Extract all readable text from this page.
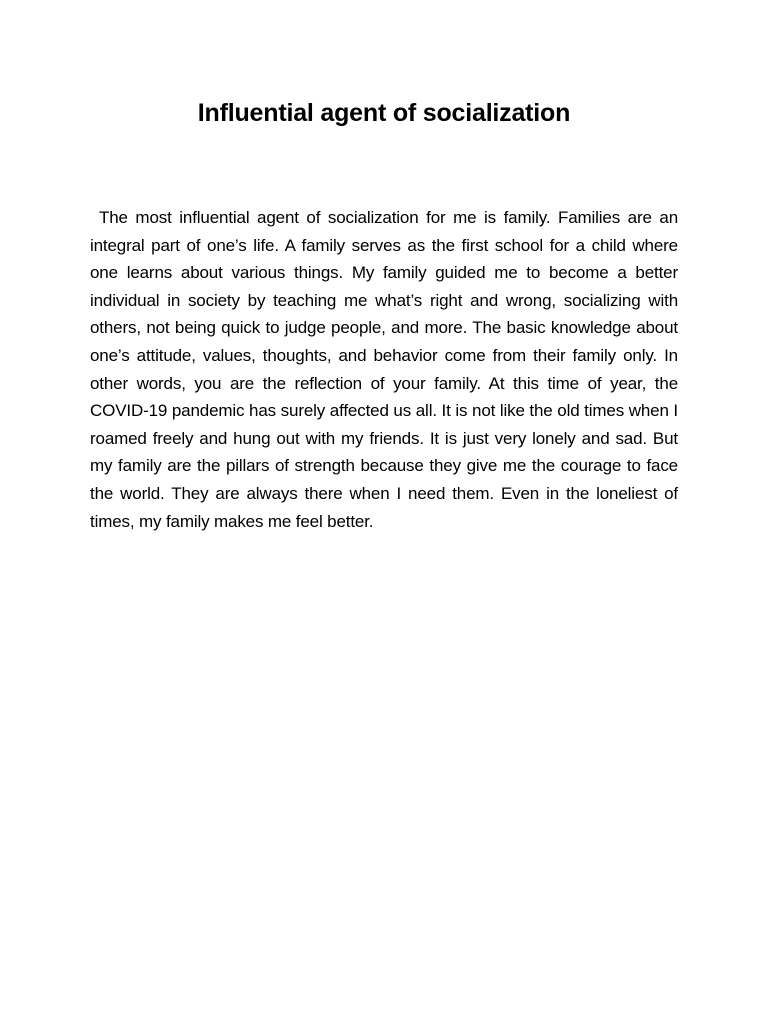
Influential agent of socialization

The most influential agent of socialization for me is family. Families are an integral part of one’s life. A family serves as the first school for a child where one learns about various things. My family guided me to become a better individual in society by teaching me what’s right and wrong, socializing with others, not being quick to judge people, and more. The basic knowledge about one’s attitude, values, thoughts, and behavior come from their family only. In other words, you are the reflection of your family. At this time of year, the COVID-19 pandemic has surely affected us all. It is not like the old times when I roamed freely and hung out with my friends. It is just very lonely and sad. But my family are the pillars of strength because they give me the courage to face the world. They are always there when I need them. Even in the loneliest of times, my family makes me feel better.
